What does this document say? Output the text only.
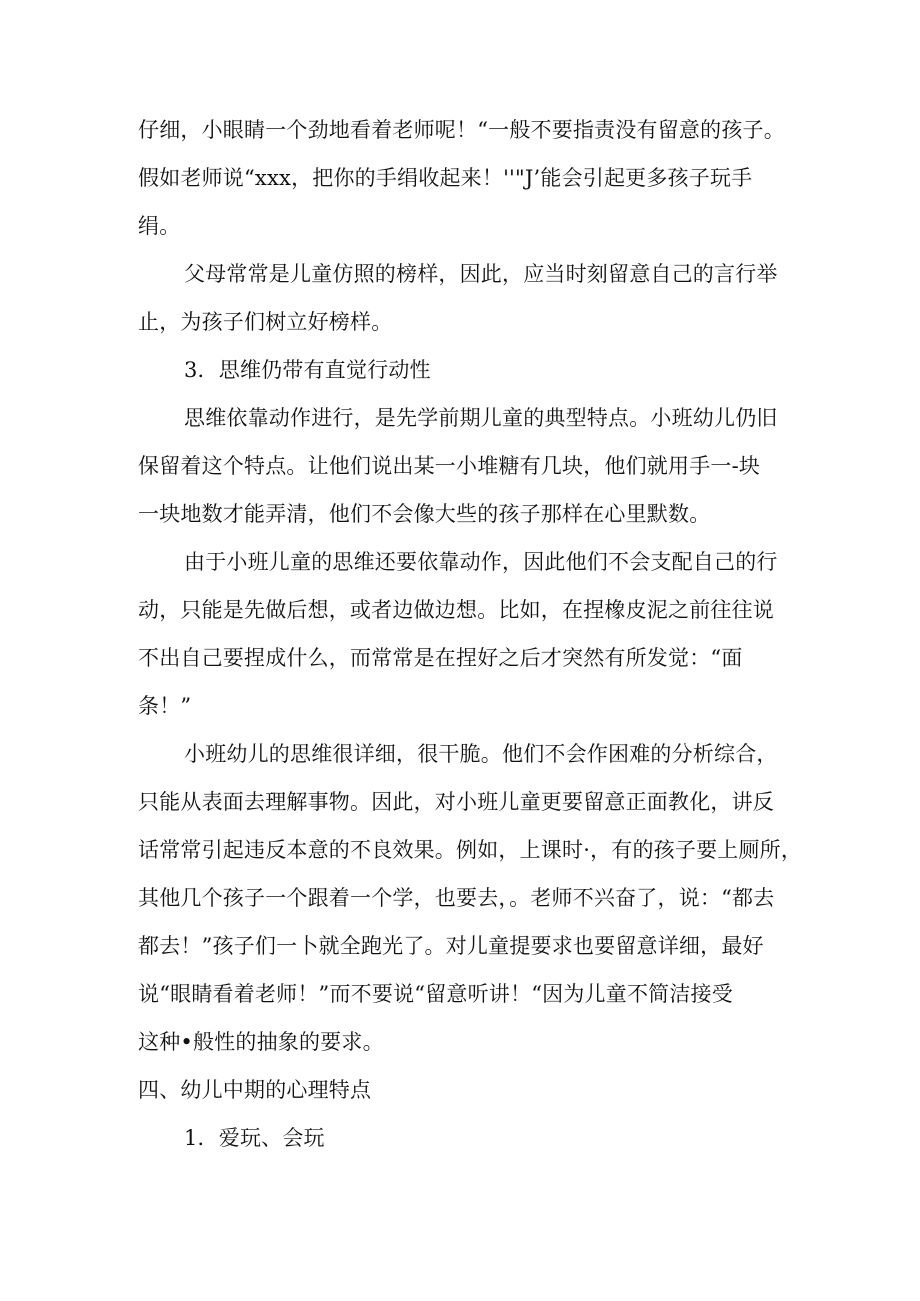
仔细，小眼睛一个劲地看着老师呢！“一般不要指责没有留意的孩子。
假如老师说“xxx，把你的手绢收起来！''"J’能会引起更多孩子玩手
绢。
父母常常是儿童仿照的榜样，因此，应当时刻留意自己的言行举
止，为孩子们树立好榜样。
3．思维仍带有直觉行动性
思维依靠动作进行，是先学前期儿童的典型特点。小班幼儿仍旧
保留着这个特点。让他们说出某一小堆糖有几块，他们就用手一-块
一块地数才能弄清，他们不会像大些的孩子那样在心里默数。
由于小班儿童的思维还要依靠动作，因此他们不会支配自己的行
动，只能是先做后想，或者边做边想。比如，在捏橡皮泥之前往往说
不出自己要捏成什么，而常常是在捏好之后才突然有所发觉：“面
条！”
小班幼儿的思维很详细，很干脆。他们不会作困难的分析综合，
只能从表面去理解事物。因此，对小班儿童更要留意正面教化，讲反
话常常引起违反本意的不良效果。例如，上课时·，有的孩子要上厕所，
其他几个孩子一个跟着一个学，也要去，。老师不兴奋了，说：“都去
都去！”孩子们一卜就全跑光了。对儿童提要求也要留意详细，最好
说“眼睛看着老师！”而不要说“留意听讲！“因为儿童不简洁接受
这种•般性的抽象的要求。
四、幼儿中期的心理特点
1．爱玩、会玩
